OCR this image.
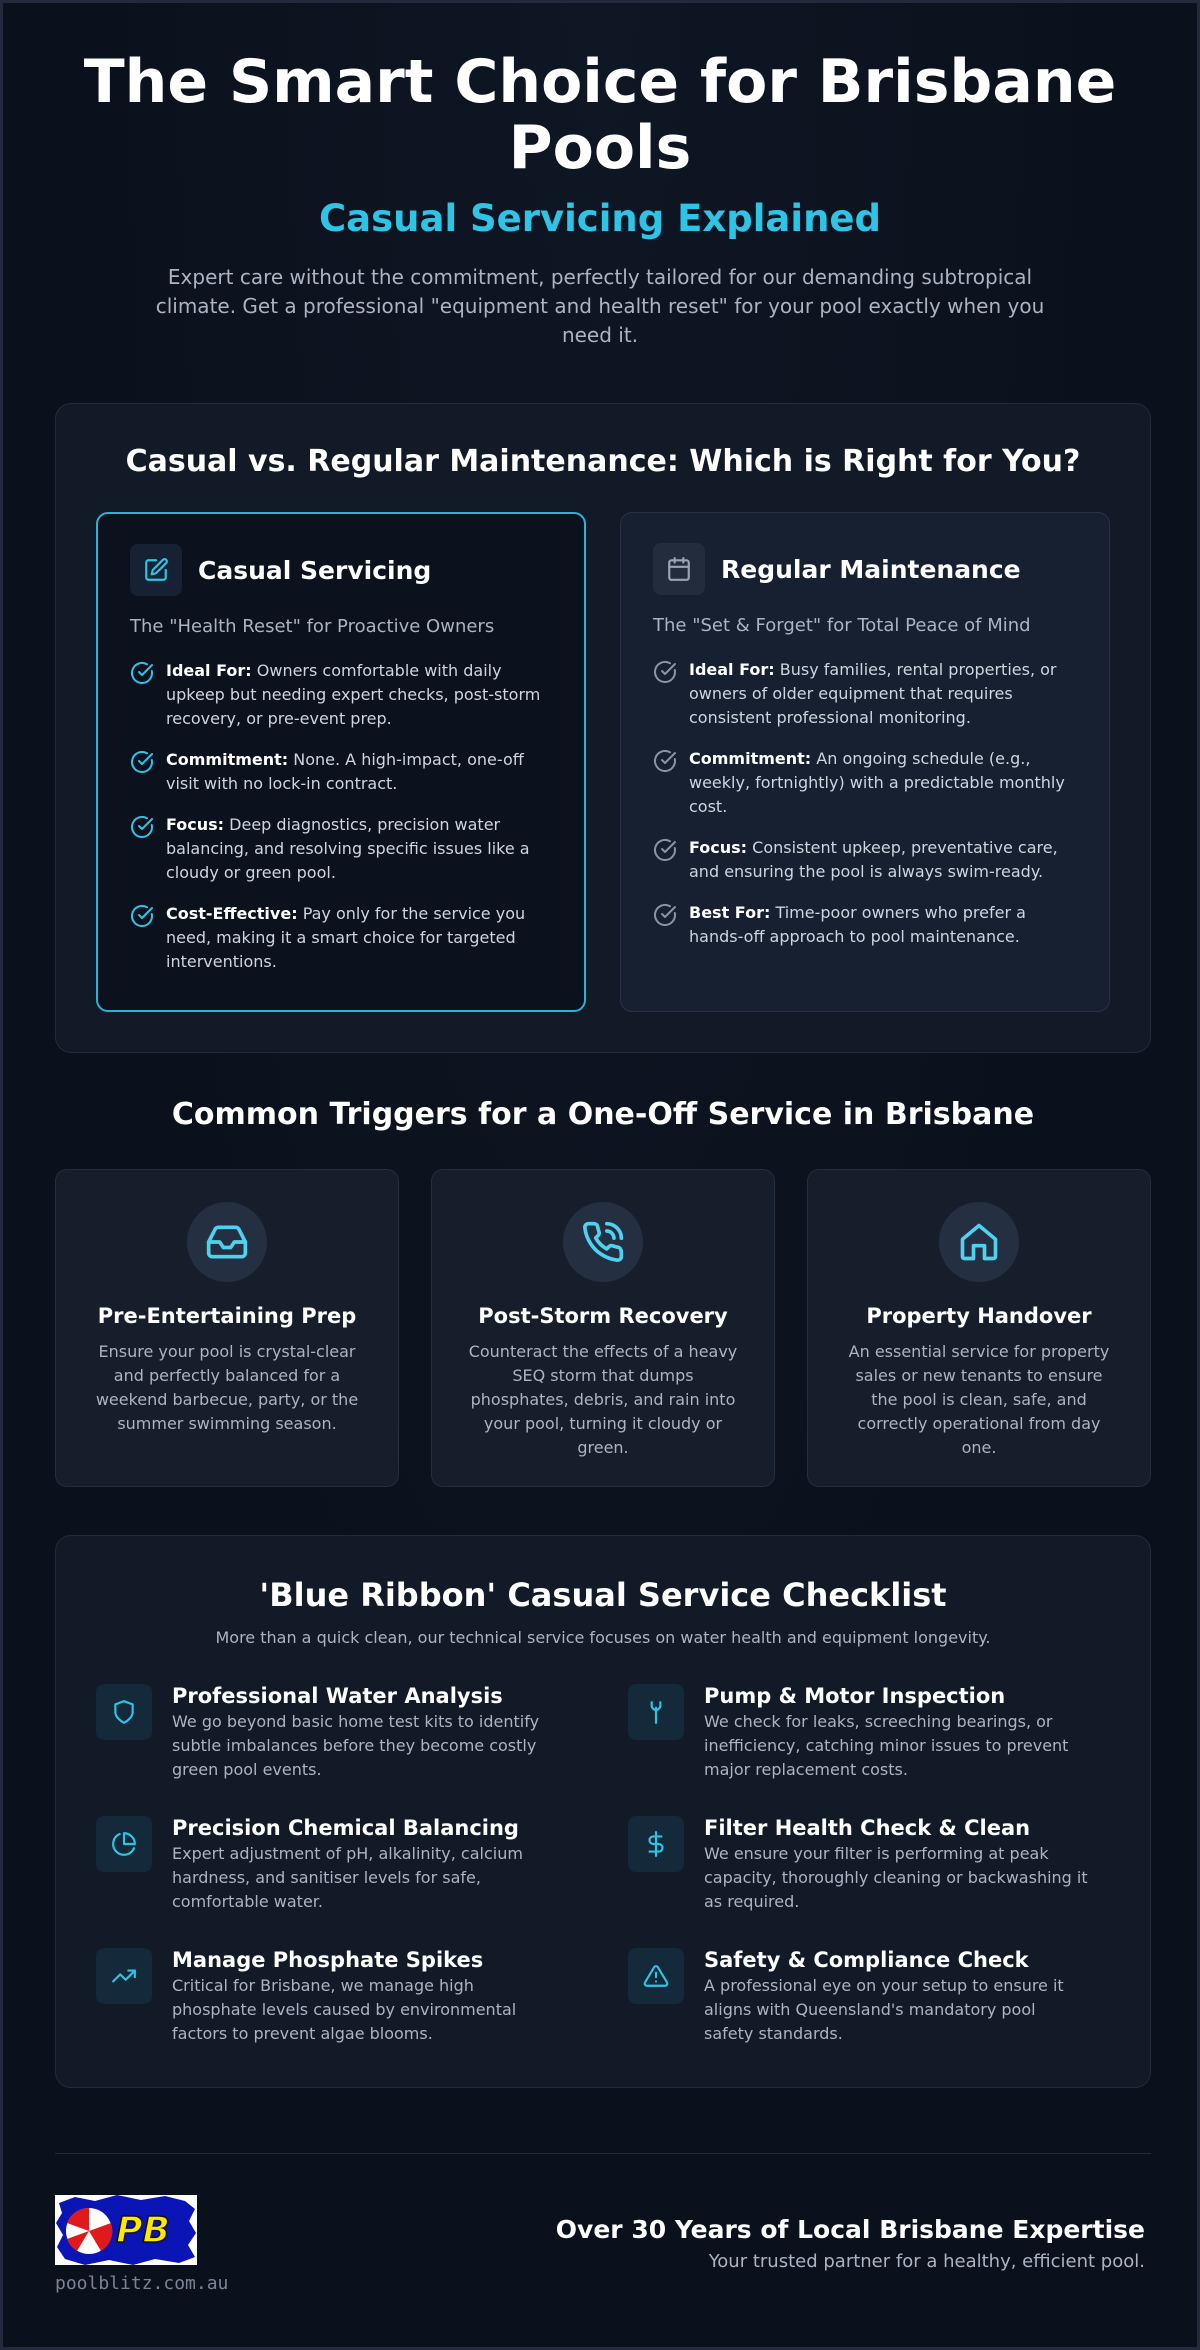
The Smart Choice for Brisbane Pools
Casual Servicing Explained

Expert care without the commitment, perfectly tailored for our demanding subtropical climate. Get a professional "equipment and health reset" for your pool exactly when you need it.

Casual vs. Regular Maintenance: Which is Right for You?
Casual Servicing
The "Health Reset" for Proactive Owners
Ideal For: Owners comfortable with daily upkeep but needing expert checks, post-storm recovery, or pre-event prep.
Commitment: None. A high-impact, one-off visit with no lock-in contract.
Focus: Deep diagnostics, precision water balancing, and resolving specific issues like a cloudy or green pool.
Cost-Effective: Pay only for the service you need, making it a smart choice for targeted interventions.
Regular Maintenance
The "Set & Forget" for Total Peace of Mind
Ideal For: Busy families, rental properties, or owners of older equipment that requires consistent professional monitoring.
Commitment: An ongoing schedule (e.g., weekly, fortnightly) with a predictable monthly cost.
Focus: Consistent upkeep, preventative care, and ensuring the pool is always swim-ready.
Best For: Time-poor owners who prefer a hands-off approach to pool maintenance.
Common Triggers for a One-Off Service in Brisbane
Pre-Entertaining Prep
Ensure your pool is crystal-clear and perfectly balanced for a weekend barbecue, party, or the summer swimming season.
Post-Storm Recovery
Counteract the effects of a heavy SEQ storm that dumps phosphates, debris, and rain into your pool, turning it cloudy or green.
Property Handover
An essential service for property sales or new tenants to ensure the pool is clean, safe, and correctly operational from day one.
'Blue Ribbon' Casual Service Checklist
More than a quick clean, our technical service focuses on water health and equipment longevity.
Professional Water Analysis
We go beyond basic home test kits to identify subtle imbalances before they become costly green pool events.
Pump & Motor Inspection
We check for leaks, screeching bearings, or inefficiency, catching minor issues to prevent major replacement costs.
Precision Chemical Balancing
Expert adjustment of pH, alkalinity, calcium hardness, and sanitiser levels for safe, comfortable water.
Filter Health Check & Clean
We ensure your filter is performing at peak capacity, thoroughly cleaning or backwashing it as required.
Manage Phosphate Spikes
Critical for Brisbane, we manage high phosphate levels caused by environmental factors to prevent algae blooms.
Safety & Compliance Check
A professional eye on your setup to ensure it aligns with Queensland's mandatory pool safety standards.
PB
poolblitz.com.au
Over 30 Years of Local Brisbane Expertise
Your trusted partner for a healthy, efficient pool.
